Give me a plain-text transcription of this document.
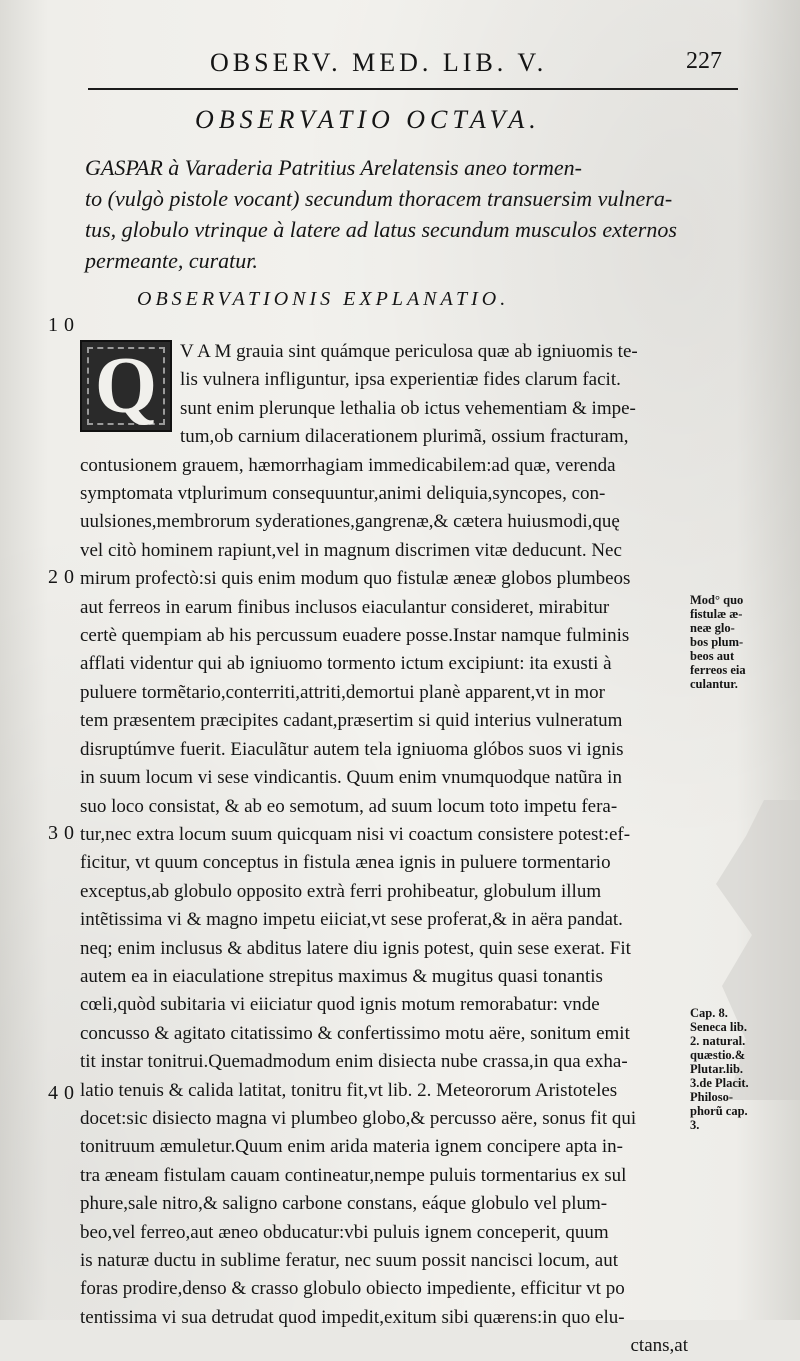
OBSERV. MED. LIB. V.	227
OBSERVATIO OCTAVA.
GASPAR à Varaderia Patritius Arelatensis aneo tormen-
to (vulgò pistole vocant) secundum thoracem transuersim vulnera-
tus, globulo vtrinque à latere ad latus secundum musculos externos
permeante, curatur.
OBSERVATIONIS EXPLANATIO.
10
20
30
40
Q	V A M grauia sint quámque periculosa quæ ab igniuomis te-
lis vulnera infliguntur, ipsa experientiæ fides clarum facit.
sunt enim plerunque lethalia ob ictus vehementiam & impe-
tum,ob carnium dilacerationem plurimã, ossium fracturam,
contusionem grauem, hæmorrhagiam immedicabilem:ad quæ, verenda
symptomata vtplurimum consequuntur,animi deliquia,syncopes, con-
uulsiones,membrorum syderationes,gangrenæ,& cætera huiusmodi,quę
vel citò hominem rapiunt,vel in magnum discrimen vitæ deducunt. Nec
mirum profectò:si quis enim modum quo fistulæ æneæ globos plumbeos
aut ferreos in earum finibus inclusos eiaculantur consideret, mirabitur
certè quempiam ab his percussum euadere posse.Instar namque fulminis
afflati videntur qui ab igniuomo tormento ictum excipiunt: ita exusti à
puluere tormẽtario,conterriti,attriti,demortui planè apparent,vt in mor
tem præsentem præcipites cadant,præsertim si quid interius vulneratum
disruptúmve fuerit. Eiaculãtur autem tela igniuoma glóbos suos vi ignis
in suum locum vi sese vindicantis. Quum enim vnumquodque natũra in
suo loco consistat, & ab eo semotum, ad suum locum toto impetu fera-
tur,nec extra locum suum quicquam nisi vi coactum consistere potest:ef-
ficitur, vt quum conceptus in fistula ænea ignis in puluere tormentario
exceptus,ab globulo opposito extrà ferri prohibeatur, globulum illum
intẽtissima vi & magno impetu eiiciat,vt sese proferat,& in aëra pandat.
neq; enim inclusus & abditus latere diu ignis potest, quin sese exerat. Fit
autem ea in eiaculatione strepitus maximus & mugitus quasi tonantis
cœli,quòd subitaria vi eiiciatur quod ignis motum remorabatur: vnde
concusso & agitato citatissimo & confertissimo motu aëre, sonitum emit
tit instar tonitrui.Quemadmodum enim disiecta nube crassa,in qua exha-
latio tenuis & calida latitat, tonitru fit,vt lib. 2. Meteororum Aristoteles
docet:sic disiecto magna vi plumbeo globo,& percusso aëre, sonus fit qui
tonitruum æmuletur.Quum enim arida materia ignem concipere apta in-
tra æneam fistulam cauam contineatur,nempe puluis tormentarius ex sul
phure,sale nitro,& saligno carbone constans, eáque globulo vel plum-
beo,vel ferreo,aut æneo obducatur:vbi puluis ignem conceperit, quum
is naturæ ductu in sublime feratur, nec suum possit nancisci locum, aut
foras prodire,denso & crasso globulo obiecto impediente, efficitur vt po
tentissima vi sua detrudat quod impedit,exitum sibi quærens:in quo elu-
ctans,at
Mod° quo
fistulæ æ-
neæ glo-
bos plum-
beos aut
ferreos eia
culantur.
Cap. 8.
Seneca lib.
2. natural.
quæstio.&
Plutar.lib.
3.de Placit.
Philoso-
phorũ cap.
3.
